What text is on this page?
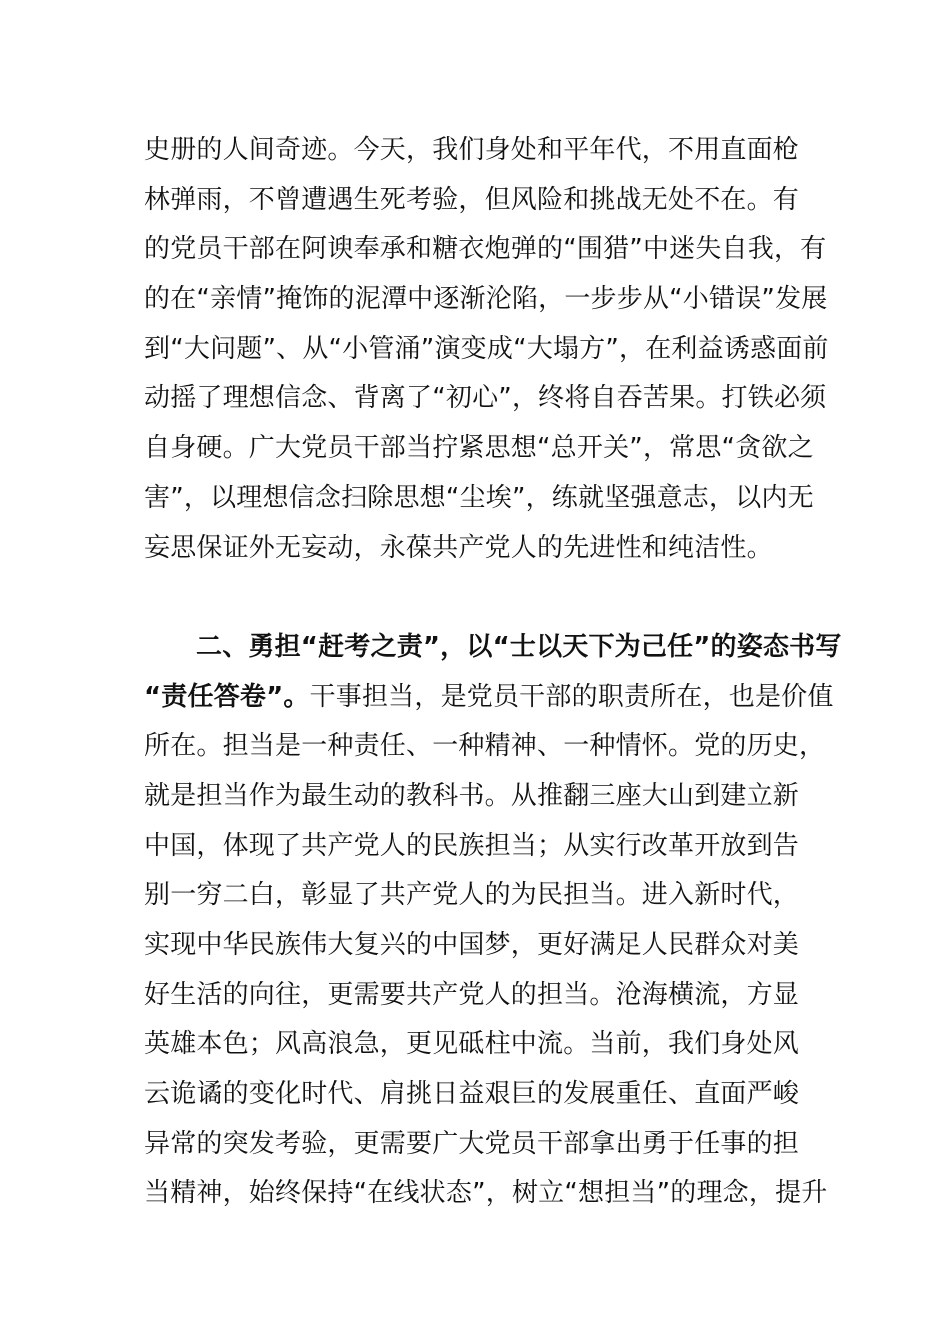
史册的人间奇迹。今天，我们身处和平年代，不用直面枪
林弹雨，不曾遭遇生死考验，但风险和挑战无处不在。有
的党员干部在阿谀奉承和糖衣炮弹的“围猎”中迷失自我，有
的在“亲情”掩饰的泥潭中逐渐沦陷，一步步从“小错误”发展
到“大问题”、从“小管涌”演变成“大塌方”，在利益诱惑面前
动摇了理想信念、背离了“初心”，终将自吞苦果。打铁必须
自身硬。广大党员干部当拧紧思想“总开关”，常思“贪欲之
害”，以理想信念扫除思想“尘埃”，练就坚强意志，以内无
妄思保证外无妄动，永葆共产党人的先进性和纯洁性。
二、勇担“赶考之责”，以“士以天下为己任”的姿态书写
“责任答卷”。干事担当，是党员干部的职责所在，也是价值
所在。担当是一种责任、一种精神、一种情怀。党的历史，
就是担当作为最生动的教科书。从推翻三座大山到建立新
中国，体现了共产党人的民族担当；从实行改革开放到告
别一穷二白，彰显了共产党人的为民担当。进入新时代，
实现中华民族伟大复兴的中国梦，更好满足人民群众对美
好生活的向往，更需要共产党人的担当。沧海横流，方显
英雄本色；风高浪急，更见砥柱中流。当前，我们身处风
云诡谲的变化时代、肩挑日益艰巨的发展重任、直面严峻
异常的突发考验，更需要广大党员干部拿出勇于任事的担
当精神，始终保持“在线状态”，树立“想担当”的理念，提升
